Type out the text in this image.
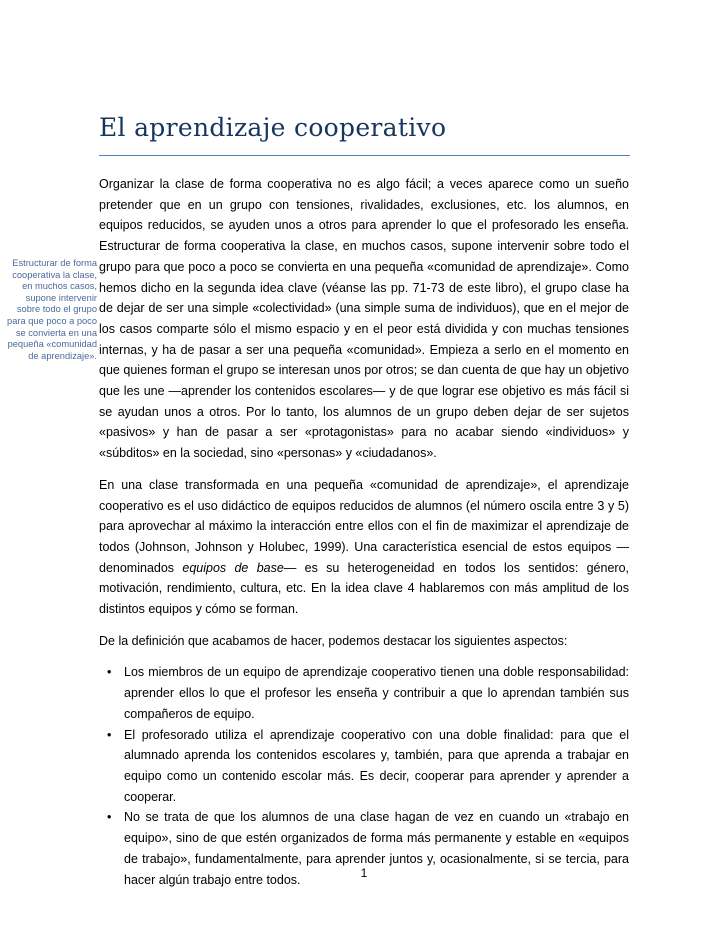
El aprendizaje cooperativo
Estructurar de forma cooperativa la clase, en muchos casos, supone intervenir sobre todo el grupo para que poco a poco se convierta en una pequeña «comunidad de aprendizaje».

Organizar la clase de forma cooperativa no es algo fácil; a veces aparece como un sueño pretender que en un grupo con tensiones, rivalidades, exclusiones, etc. los alumnos, en equipos reducidos, se ayuden unos a otros para aprender lo que el profesorado les enseña. Estructurar de forma cooperativa la clase, en muchos casos, supone intervenir sobre todo el grupo para que poco a poco se convierta en una pequeña «comunidad de aprendizaje». Como hemos dicho en la segunda idea clave (véanse las pp. 71-73 de este libro), el grupo clase ha de dejar de ser una simple «colectividad» (una simple suma de individuos), que en el mejor de los casos comparte sólo el mismo espacio y en el peor está dividida y con muchas tensiones internas, y ha de pasar a ser una pequeña «comunidad». Empieza a serlo en el momento en que quienes forman el grupo se interesan unos por otros; se dan cuenta de que hay un objetivo que les une —aprender los contenidos escolares— y de que lograr ese objetivo es más fácil si se ayudan unos a otros. Por lo tanto, los alumnos de un grupo deben dejar de ser sujetos «pasivos» y han de pasar a ser «protagonistas» para no acabar siendo «individuos» y «súbditos» en la sociedad, sino «personas» y «ciudadanos».

En una clase transformada en una pequeña «comunidad de aprendizaje», el aprendizaje cooperativo es el uso didáctico de equipos reducidos de alumnos (el número oscila entre 3 y 5) para aprovechar al máximo la interacción entre ellos con el fin de maximizar el aprendizaje de todos (Johnson, Johnson y Holubec, 1999). Una característica esencial de estos equipos — denominados equipos de base— es su heterogeneidad en todos los sentidos: género, motivación, rendimiento, cultura, etc. En la idea clave 4 hablaremos con más amplitud de los distintos equipos y cómo se forman.

De la definición que acabamos de hacer, podemos destacar los siguientes aspectos:

• Los miembros de un equipo de aprendizaje cooperativo tienen una doble responsabilidad: aprender ellos lo que el profesor les enseña y contribuir a que lo aprendan también sus compañeros de equipo.
• El profesorado utiliza el aprendizaje cooperativo con una doble finalidad: para que el alumnado aprenda los contenidos escolares y, también, para que aprenda a trabajar en equipo como un contenido escolar más. Es decir, cooperar para aprender y aprender a cooperar.
• No se trata de que los alumnos de una clase hagan de vez en cuando un «trabajo en equipo», sino de que estén organizados de forma más permanente y estable en «equipos de trabajo», fundamentalmente, para aprender juntos y, ocasionalmente, si se tercia, para hacer algún trabajo entre todos.	1
